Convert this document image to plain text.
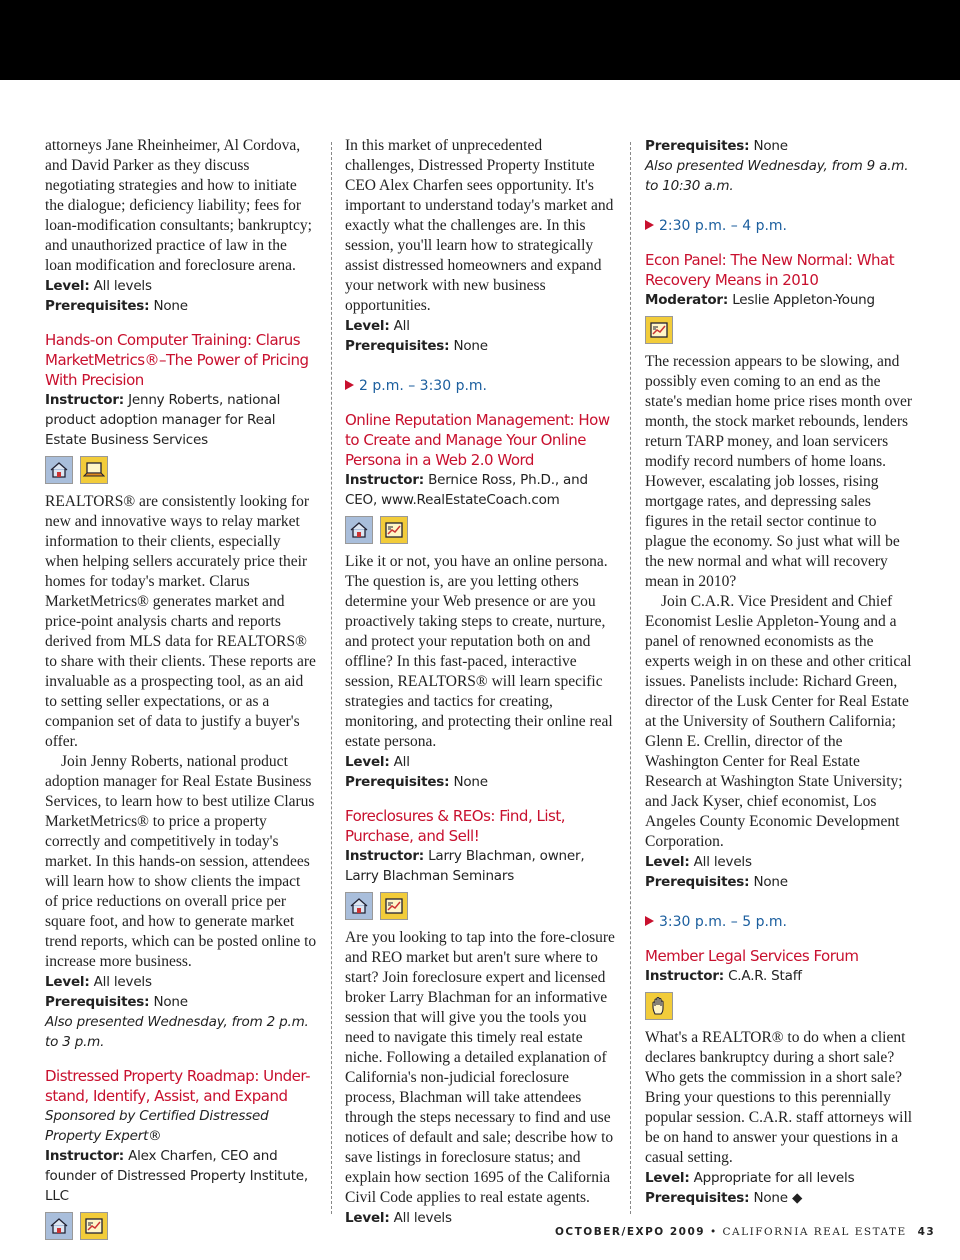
attorneys Jane Rheinheimer, Al Cordova, and David Parker as they discuss negotiating strategies and how to initiate the dialogue; deficiency liability; fees for loan-modification consultants; bankruptcy; and unauthorized practice of law in the loan modification and foreclosure arena.

Level: All levels

Prerequisites: None

Hands-on Computer Training: Clarus MarketMetrics®–The Power of Pricing With Precision

Instructor: Jenny Roberts, national product adoption manager for Real Estate Business Services

REALTORS® are consistently looking for new and innovative ways to relay market information to their clients, especially when helping sellers accurately price their homes for today's market. Clarus MarketMetrics® generates market and price-point analysis charts and reports derived from MLS data for REALTORS® to share with their clients. These reports are invaluable as a prospecting tool, as an aid to setting seller expectations, or as a companion set of data to justify a buyer's offer.

Join Jenny Roberts, national product adoption manager for Real Estate Business Services, to learn how to best utilize Clarus MarketMetrics® to price a property correctly and competitively in today's market. In this hands-on session, attendees will learn how to show clients the impact of price reductions on overall price per square foot, and how to generate market trend reports, which can be posted online to increase more business.

Level: All levels

Prerequisites: None

Also presented Wednesday, from 2 p.m. to 3 p.m.

Distressed Property Roadmap: Under-stand, Identify, Assist, and Expand

Sponsored by Certified Distressed Property Expert®

Instructor: Alex Charfen, CEO and founder of Distressed Property Institute, LLC

In this market of unprecedented challenges, Distressed Property Institute CEO Alex Charfen sees opportunity. It's important to understand today's market and exactly what the challenges are. In this session, you'll learn how to strategically assist distressed homeowners and expand your network with new business opportunities.

Level: All

Prerequisites: None

2 p.m. – 3:30 p.m.

Online Reputation Management: How to Create and Manage Your Online Persona in a Web 2.0 Word

Instructor: Bernice Ross, Ph.D., and CEO, www.RealEstateCoach.com

Like it or not, you have an online persona. The question is, are you letting others determine your Web presence or are you proactively taking steps to create, nurture, and protect your reputation both on and offline? In this fast-paced, interactive session, REALTORS® will learn specific strategies and tactics for creating, monitoring, and protecting their online real estate persona.

Level: All

Prerequisites: None

Foreclosures & REOs: Find, List, Purchase, and Sell!

Instructor: Larry Blachman, owner, Larry Blachman Seminars

Are you looking to tap into the fore-closure and REO market but aren't sure where to start? Join foreclosure expert and licensed broker Larry Blachman for an informative session that will give you the tools you need to navigate this timely real estate niche. Following a detailed explanation of California's non-judicial foreclosure process, Blachman will take attendees through the steps necessary to find and use notices of default and sale; describe how to save listings in foreclosure status; and explain how section 1695 of the California Civil Code applies to real estate agents.

Level: All levels

Prerequisites: None

Also presented Wednesday, from 9 a.m. to 10:30 a.m.

2:30 p.m. – 4 p.m.

Econ Panel: The New Normal: What Recovery Means in 2010

Moderator: Leslie Appleton-Young

The recession appears to be slowing, and possibly even coming to an end as the state's median home price rises month over month, the stock market rebounds, lenders return TARP money, and loan servicers modify record numbers of home loans. However, escalating job losses, rising mortgage rates, and depressing sales figures in the retail sector continue to plague the economy. So just what will be the new normal and what will recovery mean in 2010?

Join C.A.R. Vice President and Chief Economist Leslie Appleton-Young and a panel of renowned economists as the experts weigh in on these and other critical issues. Panelists include: Richard Green, director of the Lusk Center for Real Estate at the University of Southern California; Glenn E. Crellin, director of the Washington Center for Real Estate Research at Washington State University; and Jack Kyser, chief economist, Los Angeles County Economic Development Corporation.

Level: All levels

Prerequisites: None

3:30 p.m. – 5 p.m.

Member Legal Services Forum

Instructor: C.A.R. Staff

What's a REALTOR® to do when a client declares bankruptcy during a short sale? Who gets the commission in a short sale? Bring your questions to this perennially popular session. C.A.R. staff attorneys will be on hand to answer your questions in a casual setting.

Level: Appropriate for all levels

Prerequisites: None ◆

OCTOBER/EXPO 2009 • CALIFORNIA REAL ESTATE 43
